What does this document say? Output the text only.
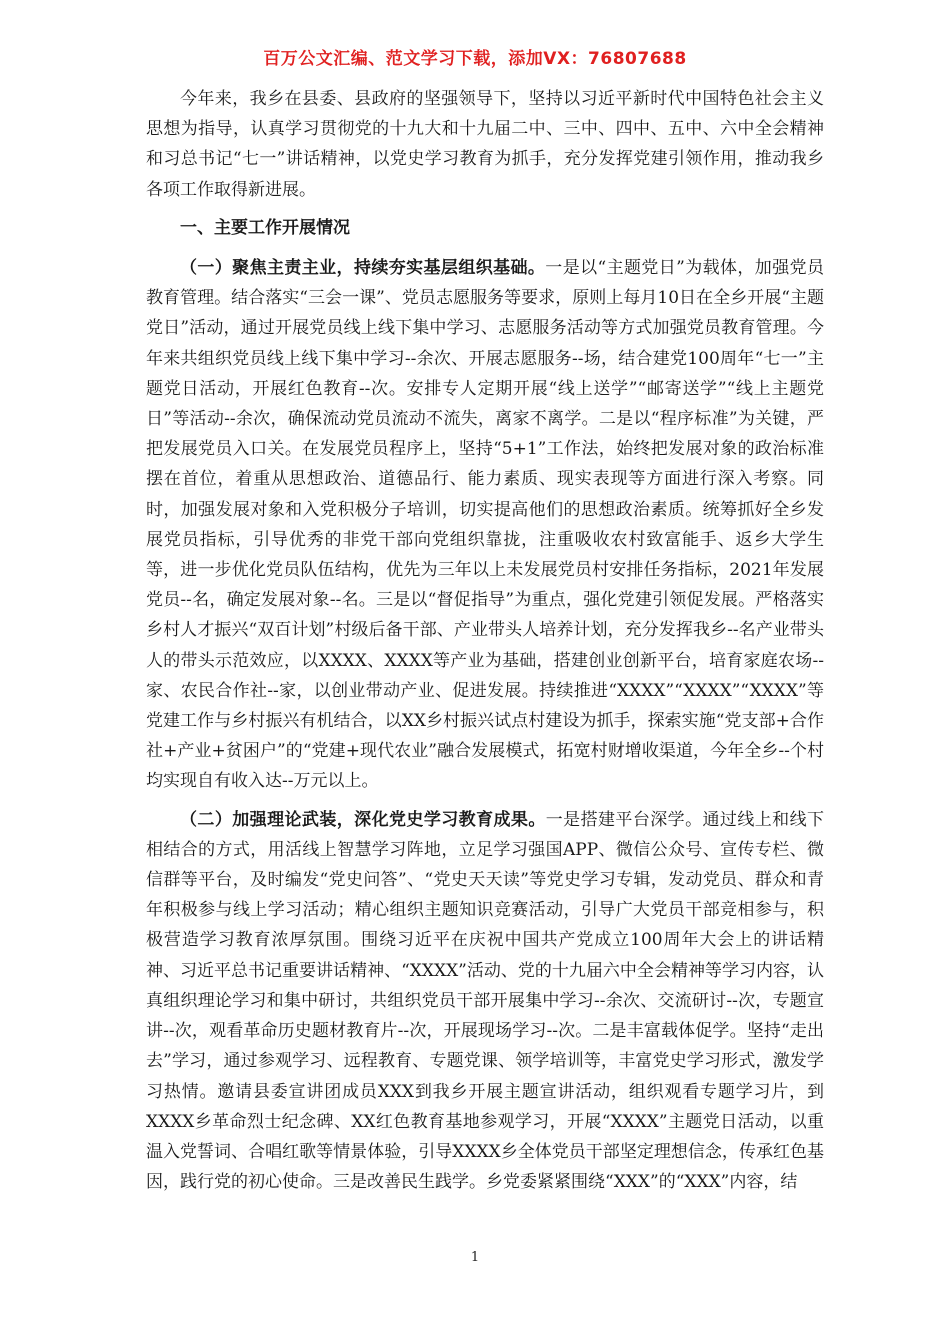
百万公文汇编、范文学习下载，添加VX：76807688

今年来，我乡在县委、县政府的坚强领导下，坚持以习近平新时代中国特色社会主义思想为指导，认真学习贯彻党的十九大和十九届二中、三中、四中、五中、六中全会精神和习总书记“七一”讲话精神，以党史学习教育为抓手，充分发挥党建引领作用，推动我乡各项工作取得新进展。

一、主要工作开展情况

（一）聚焦主责主业，持续夯实基层组织基础。一是以“主题党日”为载体，加强党员教育管理。结合落实“三会一课”、党员志愿服务等要求，原则上每月10日在全乡开展“主题党日”活动，通过开展党员线上线下集中学习、志愿服务活动等方式加强党员教育管理。今年来共组织党员线上线下集中学习--余次、开展志愿服务--场，结合建党100周年“七一”主题党日活动，开展红色教育--次。安排专人定期开展“线上送学”“邮寄送学”“线上主题党日”等活动--余次，确保流动党员流动不流失，离家不离学。二是以“程序标准”为关键，严把发展党员入口关。在发展党员程序上，坚持“5+1”工作法，始终把发展对象的政治标准摆在首位，着重从思想政治、道德品行、能力素质、现实表现等方面进行深入考察。同时，加强发展对象和入党积极分子培训，切实提高他们的思想政治素质。统筹抓好全乡发展党员指标，引导优秀的非党干部向党组织靠拢，注重吸收农村致富能手、返乡大学生等，进一步优化党员队伍结构，优先为三年以上未发展党员村安排任务指标，2021年发展党员--名，确定发展对象--名。三是以“督促指导”为重点，强化党建引领促发展。严格落实乡村人才振兴“双百计划”村级后备干部、产业带头人培养计划，充分发挥我乡--名产业带头人的带头示范效应，以XXXX、XXXX等产业为基础，搭建创业创新平台，培育家庭农场--家、农民合作社--家，以创业带动产业、促进发展。持续推进“XXXX”“XXXX”“XXXX”等党建工作与乡村振兴有机结合，以XX乡村振兴试点村建设为抓手，探索实施“党支部+合作社+产业+贫困户”的“党建+现代农业”融合发展模式，拓宽村财增收渠道，今年全乡--个村均实现自有收入达--万元以上。

（二）加强理论武装，深化党史学习教育成果。一是搭建平台深学。通过线上和线下相结合的方式，用活线上智慧学习阵地，立足学习强国APP、微信公众号、宣传专栏、微信群等平台，及时编发“党史问答”、“党史天天读”等党史学习专辑，发动党员、群众和青年积极参与线上学习活动；精心组织主题知识竞赛活动，引导广大党员干部竞相参与，积极营造学习教育浓厚氛围。围绕习近平在庆祝中国共产党成立100周年大会上的讲话精神、习近平总书记重要讲话精神、“XXXX”活动、党的十九届六中全会精神等学习内容，认真组织理论学习和集中研讨，共组织党员干部开展集中学习--余次、交流研讨--次，专题宣讲--次，观看革命历史题材教育片--次，开展现场学习--次。二是丰富载体促学。坚持“走出去”学习，通过参观学习、远程教育、专题党课、领学培训等，丰富党史学习形式，激发学习热情。邀请县委宣讲团成员XXX到我乡开展主题宣讲活动，组织观看专题学习片，到XXXX乡革命烈士纪念碑、XX红色教育基地参观学习，开展“XXXX”主题党日活动，以重温入党誓词、合唱红歌等情景体验，引导XXXX乡全体党员干部坚定理想信念，传承红色基因，践行党的初心使命。三是改善民生践学。乡党委紧紧围绕“XXX”的“XXX”内容，结

1
